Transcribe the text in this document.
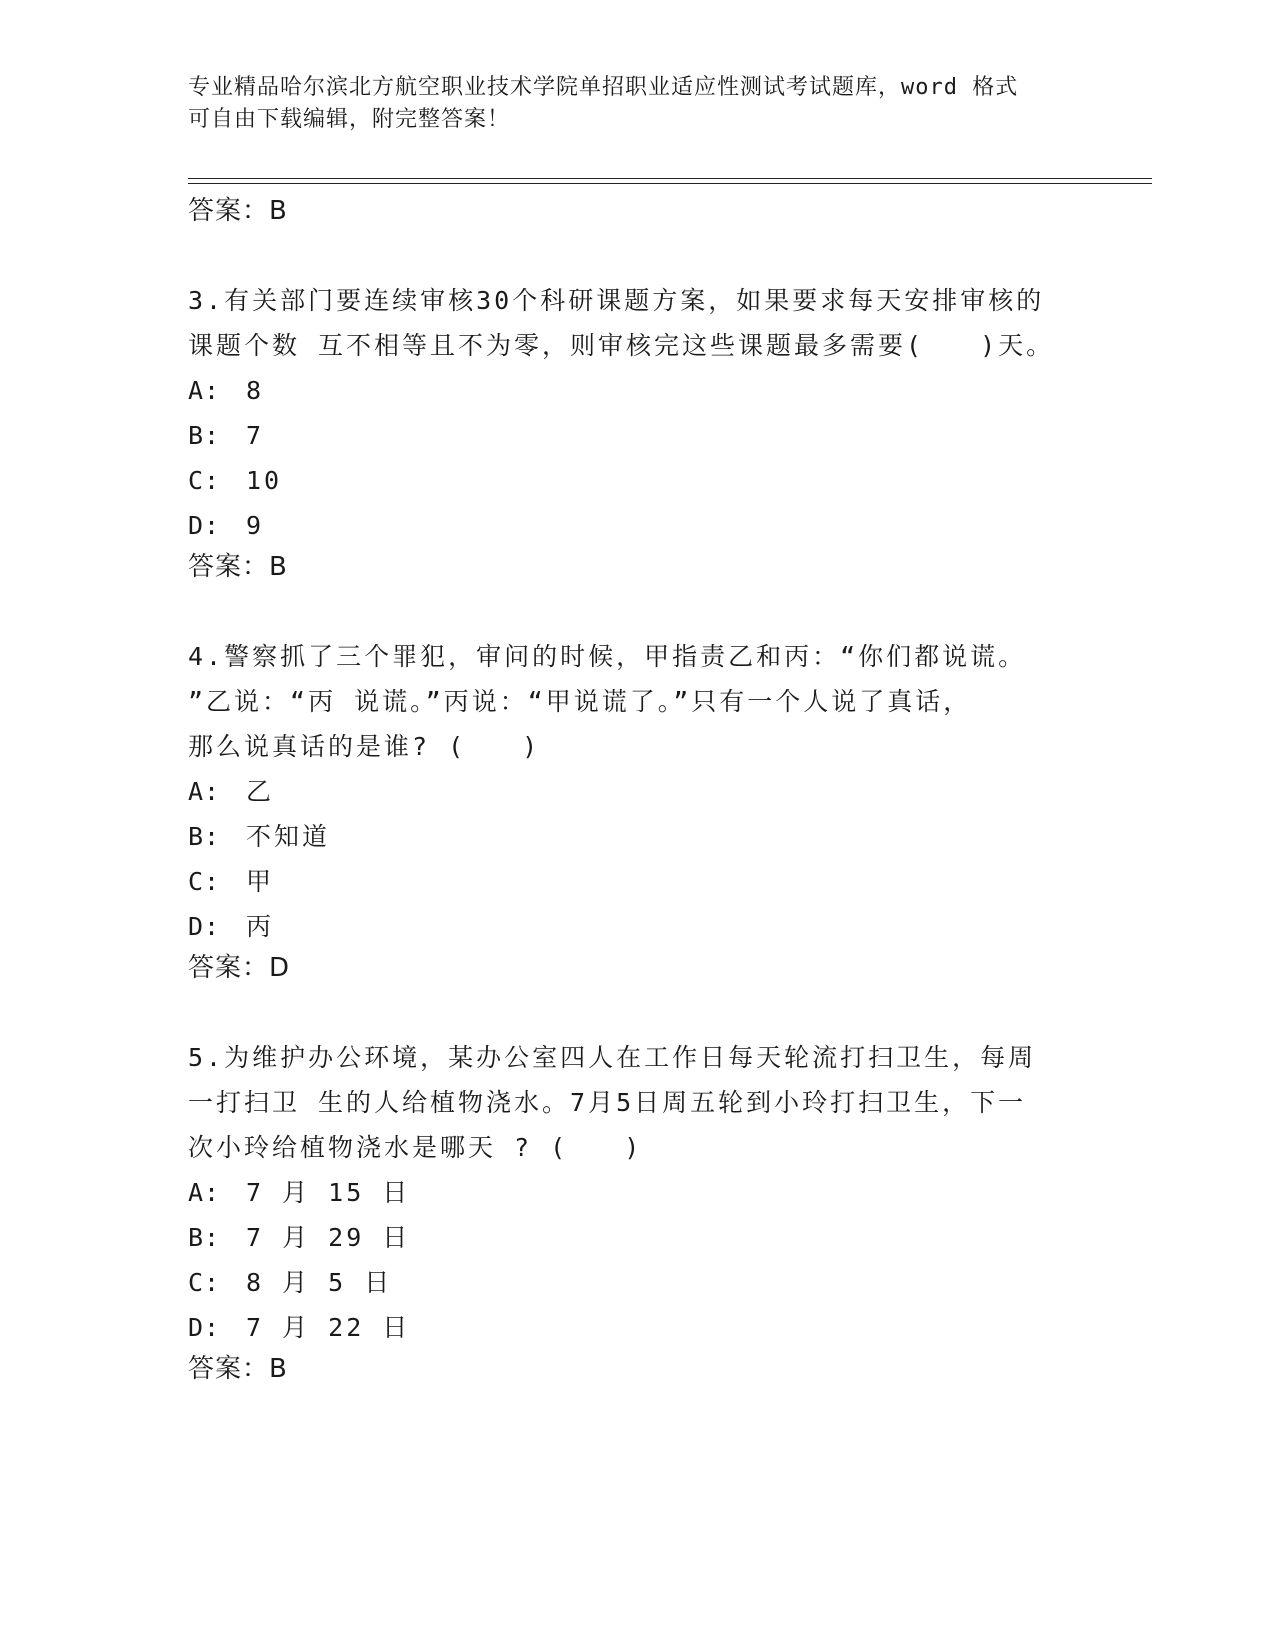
专业精品哈尔滨北方航空职业技术学院单招职业适应性测试考试题库，word 格式
可自由下载编辑，附完整答案！
答案：B
3.有关部门要连续审核30个科研课题方案，如果要求每天安排审核的
课题个数 互不相等且不为零，则审核完这些课题最多需要(　　)天。
A:	8
B:	7
C:	10
D:	9
答案：B
4.警察抓了三个罪犯，审问的时候，甲指责乙和丙：“你们都说谎。
”乙说：“丙 说谎。”丙说：“甲说谎了。”只有一个人说了真话，
那么说真话的是谁? (　　)
A:	乙
B:	不知道
C:	甲
D:	丙
答案：D
5.为维护办公环境，某办公室四人在工作日每天轮流打扫卫生，每周
一打扫卫 生的人给植物浇水。7月5日周五轮到小玲打扫卫生，下一
次小玲给植物浇水是哪天 ? (　　)
A:	7 月 15 日
B:	7 月 29 日
C:	8 月 5 日
D:	7 月 22 日
答案：B
